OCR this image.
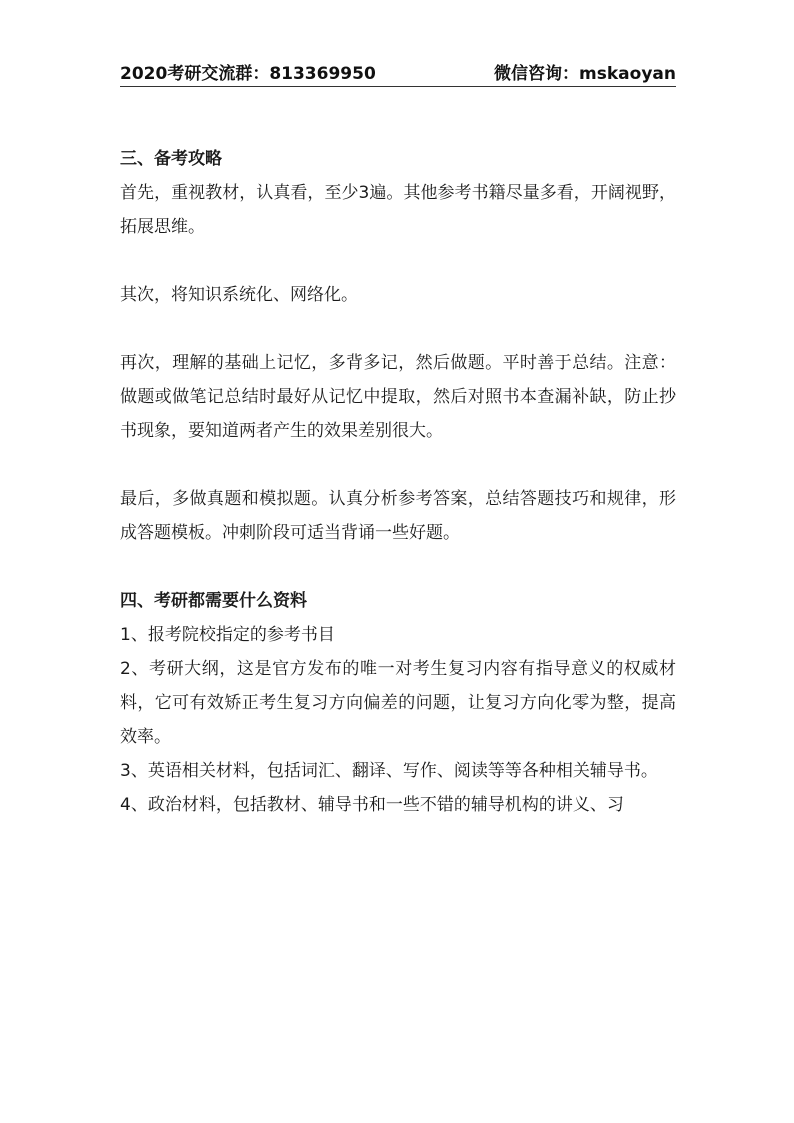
2020考研交流群：813369950	微信咨询：mskaoyan

三、备考攻略

首先，重视教材，认真看，至少3遍。其他参考书籍尽量多看，开阔视野，拓展思维。

其次，将知识系统化、网络化。

再次，理解的基础上记忆，多背多记，然后做题。平时善于总结。注意：做题或做笔记总结时最好从记忆中提取，然后对照书本查漏补缺，防止抄书现象，要知道两者产生的效果差别很大。

最后，多做真题和模拟题。认真分析参考答案，总结答题技巧和规律，形成答题模板。冲刺阶段可适当背诵一些好题。

四、考研都需要什么资料

1、报考院校指定的参考书目

2、考研大纲，这是官方发布的唯一对考生复习内容有指导意义的权威材料，它可有效矫正考生复习方向偏差的问题，让复习方向化零为整，提高效率。

3、英语相关材料，包括词汇、翻译、写作、阅读等等各种相关辅导书。

4、政治材料，包括教材、辅导书和一些不错的辅导机构的讲义、习
